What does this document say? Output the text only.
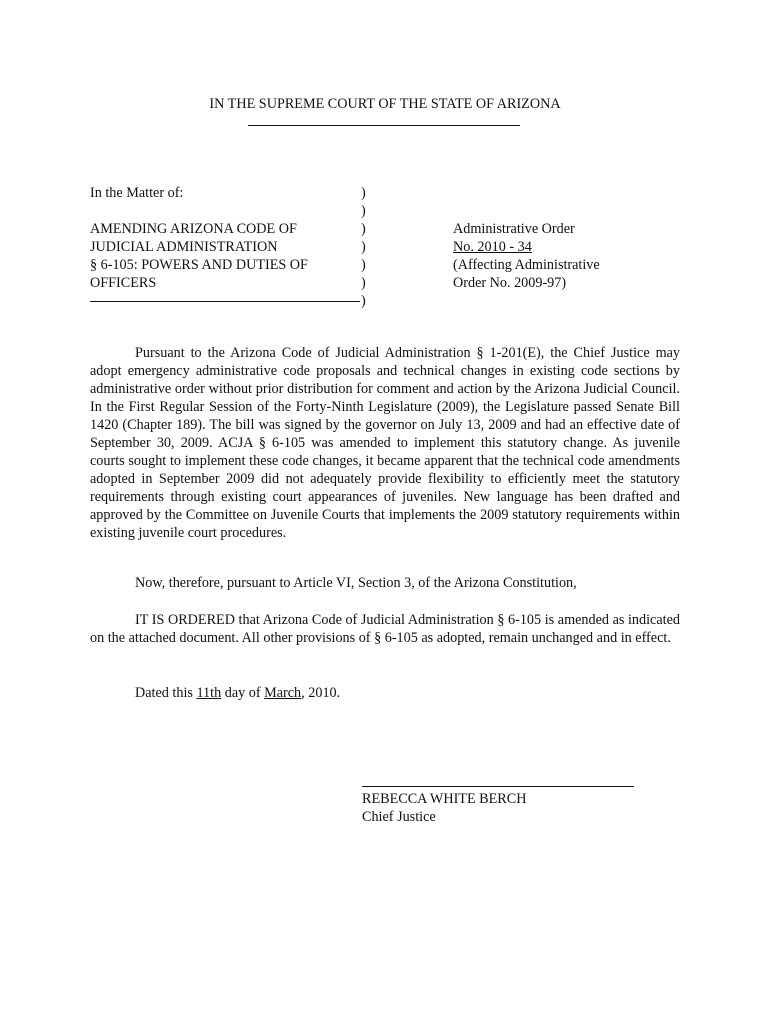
IN THE SUPREME COURT OF THE STATE OF ARIZONA
In the Matter of:
AMENDING ARIZONA CODE OF
JUDICIAL ADMINISTRATION
§ 6-105: POWERS AND DUTIES OF
OFFICERS
)
)
)
)
)
)
)
Administrative Order
No. 2010 - 34
(Affecting Administrative
Order No. 2009-97)

Pursuant to the Arizona Code of Judicial Administration § 1-201(E), the Chief Justice may adopt emergency administrative code proposals and technical changes in existing code sections by administrative order without prior distribution for comment and action by the Arizona Judicial Council. In the First Regular Session of the Forty-Ninth Legislature (2009), the Legislature passed Senate Bill 1420 (Chapter 189). The bill was signed by the governor on July 13, 2009 and had an effective date of September 30, 2009. ACJA § 6-105 was amended to implement this statutory change. As juvenile courts sought to implement these code changes, it became apparent that the technical code amendments adopted in September 2009 did not adequately provide flexibility to efficiently meet the statutory requirements through existing court appearances of juveniles. New language has been drafted and approved by the Committee on Juvenile Courts that implements the 2009 statutory requirements within existing juvenile court procedures.

Now, therefore, pursuant to Article VI, Section 3, of the Arizona Constitution,

IT IS ORDERED that Arizona Code of Judicial Administration § 6-105 is amended as indicated on the attached document. All other provisions of § 6-105 as adopted, remain unchanged and in effect.

Dated this 11th day of March, 2010.

REBECCA WHITE BERCH
Chief Justice
